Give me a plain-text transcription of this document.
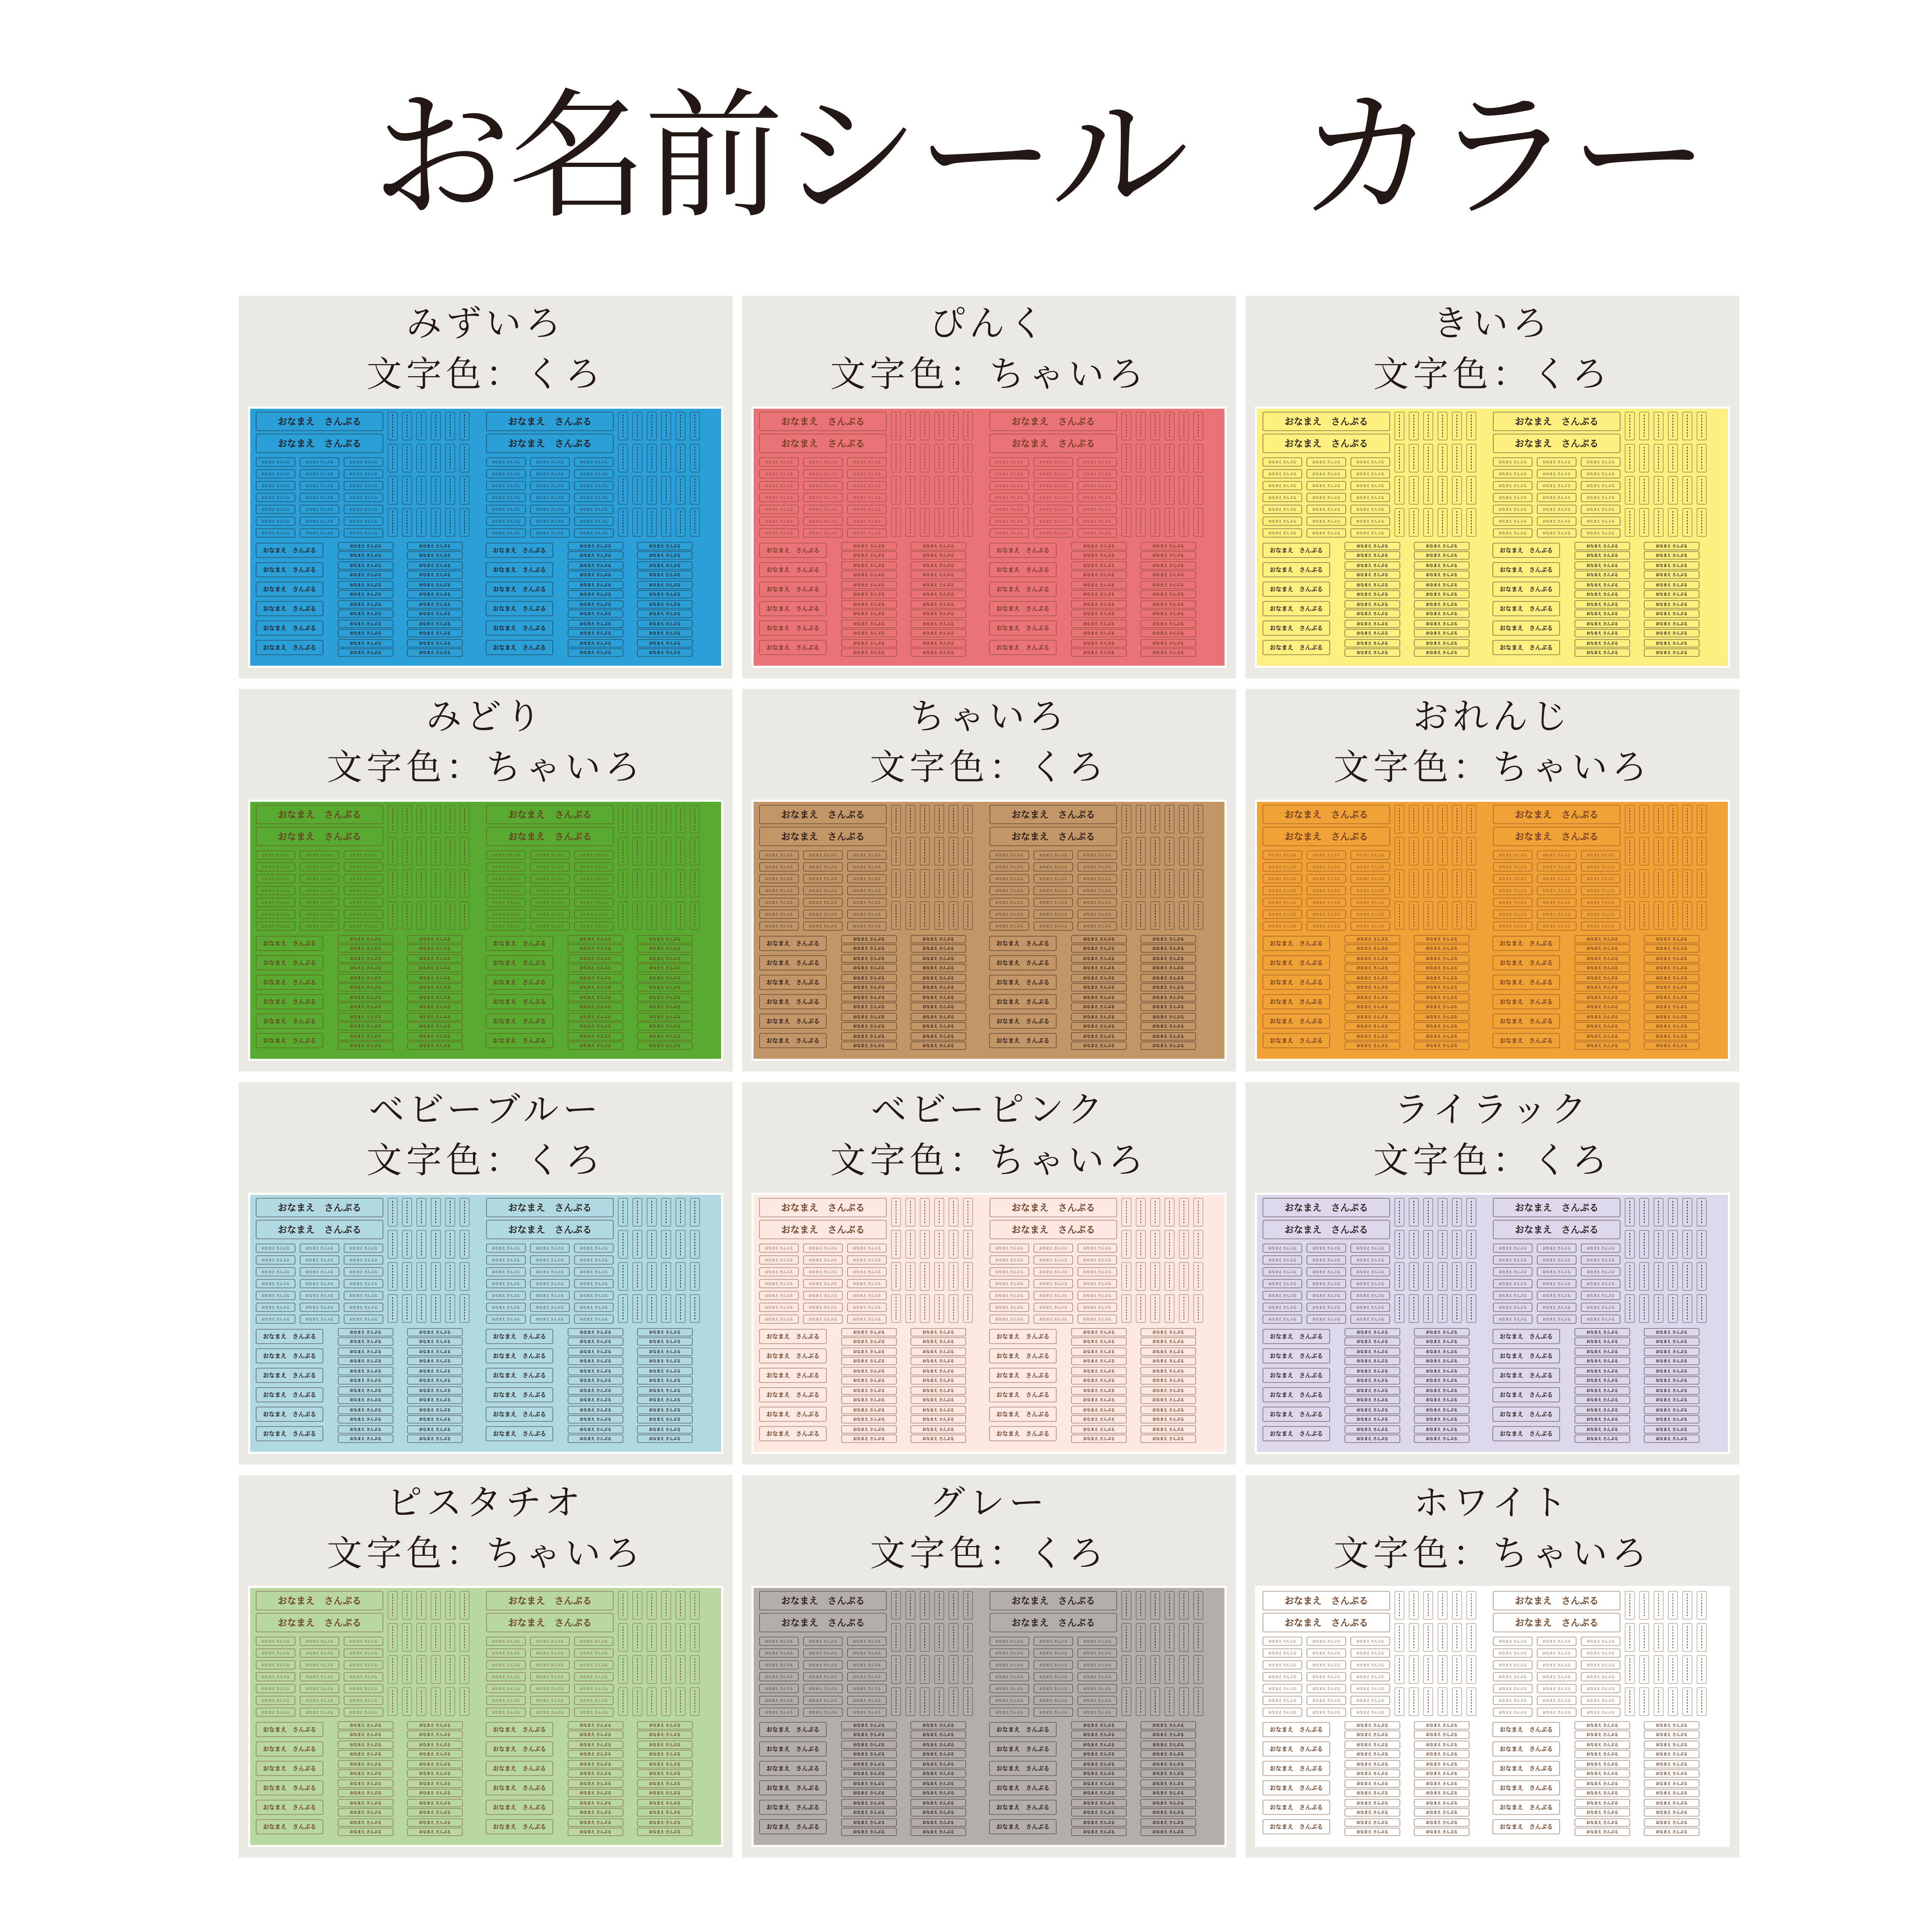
お名前シール カラー
みずいろ
文字色：くろ
おなまえ　さんぷる
おなまえ　さんぷる
おなまえ さんぷる	おなまえ さんぷる	おなまえ さんぷる
おなまえ さんぷる	おなまえ さんぷる	おなまえ さんぷる
おなまえ さんぷる	おなまえ さんぷる	おなまえ さんぷる
おなまえ さんぷる	おなまえ さんぷる	おなまえ さんぷる
おなまえ さんぷる	おなまえ さんぷる	おなまえ さんぷる
おなまえ さんぷる	おなまえ さんぷる	おなまえ さんぷる
おなまえ さんぷる	おなまえ さんぷる	おなまえ さんぷる
おなまえ　さんぷる
おなまえ　さんぷる
おなまえ さんぷる	おなまえ さんぷる	おなまえ さんぷる
おなまえ さんぷる	おなまえ さんぷる	おなまえ さんぷる
おなまえ さんぷる	おなまえ さんぷる	おなまえ さんぷる
おなまえ さんぷる	おなまえ さんぷる	おなまえ さんぷる
おなまえ さんぷる	おなまえ さんぷる	おなまえ さんぷる
おなまえ さんぷる	おなまえ さんぷる	おなまえ さんぷる
おなまえ さんぷる	おなまえ さんぷる	おなまえ さんぷる
おなまえ　さんぷる
おなまえ さんぷる
おなまえ さんぷる
おなまえ さんぷる
おなまえ さんぷる
おなまえ　さんぷる
おなまえ さんぷる
おなまえ さんぷる
おなまえ さんぷる
おなまえ さんぷる
おなまえ　さんぷる
おなまえ さんぷる
おなまえ さんぷる
おなまえ さんぷる
おなまえ さんぷる
おなまえ　さんぷる
おなまえ さんぷる
おなまえ さんぷる
おなまえ さんぷる
おなまえ さんぷる
おなまえ　さんぷる
おなまえ さんぷる
おなまえ さんぷる
おなまえ さんぷる
おなまえ さんぷる
おなまえ　さんぷる
おなまえ さんぷる
おなまえ さんぷる
おなまえ さんぷる
おなまえ さんぷる
おなまえ　さんぷる
おなまえ さんぷる
おなまえ さんぷる
おなまえ さんぷる
おなまえ さんぷる
おなまえ　さんぷる
おなまえ さんぷる
おなまえ さんぷる
おなまえ さんぷる
おなまえ さんぷる
おなまえ　さんぷる
おなまえ さんぷる
おなまえ さんぷる
おなまえ さんぷる
おなまえ さんぷる
おなまえ　さんぷる
おなまえ さんぷる
おなまえ さんぷる
おなまえ さんぷる
おなまえ さんぷる
おなまえ　さんぷる
おなまえ さんぷる
おなまえ さんぷる
おなまえ さんぷる
おなまえ さんぷる
おなまえ　さんぷる
おなまえ さんぷる
おなまえ さんぷる
おなまえ さんぷる
おなまえ さんぷる
ぴんく
文字色：ちゃいろ
おなまえ　さんぷる
おなまえ　さんぷる
おなまえ さんぷる	おなまえ さんぷる	おなまえ さんぷる
おなまえ さんぷる	おなまえ さんぷる	おなまえ さんぷる
おなまえ さんぷる	おなまえ さんぷる	おなまえ さんぷる
おなまえ さんぷる	おなまえ さんぷる	おなまえ さんぷる
おなまえ さんぷる	おなまえ さんぷる	おなまえ さんぷる
おなまえ さんぷる	おなまえ さんぷる	おなまえ さんぷる
おなまえ さんぷる	おなまえ さんぷる	おなまえ さんぷる
おなまえ　さんぷる
おなまえ　さんぷる
おなまえ さんぷる	おなまえ さんぷる	おなまえ さんぷる
おなまえ さんぷる	おなまえ さんぷる	おなまえ さんぷる
おなまえ さんぷる	おなまえ さんぷる	おなまえ さんぷる
おなまえ さんぷる	おなまえ さんぷる	おなまえ さんぷる
おなまえ さんぷる	おなまえ さんぷる	おなまえ さんぷる
おなまえ さんぷる	おなまえ さんぷる	おなまえ さんぷる
おなまえ さんぷる	おなまえ さんぷる	おなまえ さんぷる
おなまえ　さんぷる
おなまえ さんぷる
おなまえ さんぷる
おなまえ さんぷる
おなまえ さんぷる
おなまえ　さんぷる
おなまえ さんぷる
おなまえ さんぷる
おなまえ さんぷる
おなまえ さんぷる
おなまえ　さんぷる
おなまえ さんぷる
おなまえ さんぷる
おなまえ さんぷる
おなまえ さんぷる
おなまえ　さんぷる
おなまえ さんぷる
おなまえ さんぷる
おなまえ さんぷる
おなまえ さんぷる
おなまえ　さんぷる
おなまえ さんぷる
おなまえ さんぷる
おなまえ さんぷる
おなまえ さんぷる
おなまえ　さんぷる
おなまえ さんぷる
おなまえ さんぷる
おなまえ さんぷる
おなまえ さんぷる
おなまえ　さんぷる
おなまえ さんぷる
おなまえ さんぷる
おなまえ さんぷる
おなまえ さんぷる
おなまえ　さんぷる
おなまえ さんぷる
おなまえ さんぷる
おなまえ さんぷる
おなまえ さんぷる
おなまえ　さんぷる
おなまえ さんぷる
おなまえ さんぷる
おなまえ さんぷる
おなまえ さんぷる
おなまえ　さんぷる
おなまえ さんぷる
おなまえ さんぷる
おなまえ さんぷる
おなまえ さんぷる
おなまえ　さんぷる
おなまえ さんぷる
おなまえ さんぷる
おなまえ さんぷる
おなまえ さんぷる
おなまえ　さんぷる
おなまえ さんぷる
おなまえ さんぷる
おなまえ さんぷる
おなまえ さんぷる
きいろ
文字色：くろ
おなまえ　さんぷる
おなまえ　さんぷる
おなまえ さんぷる	おなまえ さんぷる	おなまえ さんぷる
おなまえ さんぷる	おなまえ さんぷる	おなまえ さんぷる
おなまえ さんぷる	おなまえ さんぷる	おなまえ さんぷる
おなまえ さんぷる	おなまえ さんぷる	おなまえ さんぷる
おなまえ さんぷる	おなまえ さんぷる	おなまえ さんぷる
おなまえ さんぷる	おなまえ さんぷる	おなまえ さんぷる
おなまえ さんぷる	おなまえ さんぷる	おなまえ さんぷる
おなまえ　さんぷる
おなまえ　さんぷる
おなまえ さんぷる	おなまえ さんぷる	おなまえ さんぷる
おなまえ さんぷる	おなまえ さんぷる	おなまえ さんぷる
おなまえ さんぷる	おなまえ さんぷる	おなまえ さんぷる
おなまえ さんぷる	おなまえ さんぷる	おなまえ さんぷる
おなまえ さんぷる	おなまえ さんぷる	おなまえ さんぷる
おなまえ さんぷる	おなまえ さんぷる	おなまえ さんぷる
おなまえ さんぷる	おなまえ さんぷる	おなまえ さんぷる
おなまえ　さんぷる
おなまえ さんぷる
おなまえ さんぷる
おなまえ さんぷる
おなまえ さんぷる
おなまえ　さんぷる
おなまえ さんぷる
おなまえ さんぷる
おなまえ さんぷる
おなまえ さんぷる
おなまえ　さんぷる
おなまえ さんぷる
おなまえ さんぷる
おなまえ さんぷる
おなまえ さんぷる
おなまえ　さんぷる
おなまえ さんぷる
おなまえ さんぷる
おなまえ さんぷる
おなまえ さんぷる
おなまえ　さんぷる
おなまえ さんぷる
おなまえ さんぷる
おなまえ さんぷる
おなまえ さんぷる
おなまえ　さんぷる
おなまえ さんぷる
おなまえ さんぷる
おなまえ さんぷる
おなまえ さんぷる
おなまえ　さんぷる
おなまえ さんぷる
おなまえ さんぷる
おなまえ さんぷる
おなまえ さんぷる
おなまえ　さんぷる
おなまえ さんぷる
おなまえ さんぷる
おなまえ さんぷる
おなまえ さんぷる
おなまえ　さんぷる
おなまえ さんぷる
おなまえ さんぷる
おなまえ さんぷる
おなまえ さんぷる
おなまえ　さんぷる
おなまえ さんぷる
おなまえ さんぷる
おなまえ さんぷる
おなまえ さんぷる
おなまえ　さんぷる
おなまえ さんぷる
おなまえ さんぷる
おなまえ さんぷる
おなまえ さんぷる
おなまえ　さんぷる
おなまえ さんぷる
おなまえ さんぷる
おなまえ さんぷる
おなまえ さんぷる
みどり
文字色：ちゃいろ
おなまえ　さんぷる
おなまえ　さんぷる
おなまえ さんぷる	おなまえ さんぷる	おなまえ さんぷる
おなまえ さんぷる	おなまえ さんぷる	おなまえ さんぷる
おなまえ さんぷる	おなまえ さんぷる	おなまえ さんぷる
おなまえ さんぷる	おなまえ さんぷる	おなまえ さんぷる
おなまえ さんぷる	おなまえ さんぷる	おなまえ さんぷる
おなまえ さんぷる	おなまえ さんぷる	おなまえ さんぷる
おなまえ さんぷる	おなまえ さんぷる	おなまえ さんぷる
おなまえ　さんぷる
おなまえ　さんぷる
おなまえ さんぷる	おなまえ さんぷる	おなまえ さんぷる
おなまえ さんぷる	おなまえ さんぷる	おなまえ さんぷる
おなまえ さんぷる	おなまえ さんぷる	おなまえ さんぷる
おなまえ さんぷる	おなまえ さんぷる	おなまえ さんぷる
おなまえ さんぷる	おなまえ さんぷる	おなまえ さんぷる
おなまえ さんぷる	おなまえ さんぷる	おなまえ さんぷる
おなまえ さんぷる	おなまえ さんぷる	おなまえ さんぷる
おなまえ　さんぷる
おなまえ さんぷる
おなまえ さんぷる
おなまえ さんぷる
おなまえ さんぷる
おなまえ　さんぷる
おなまえ さんぷる
おなまえ さんぷる
おなまえ さんぷる
おなまえ さんぷる
おなまえ　さんぷる
おなまえ さんぷる
おなまえ さんぷる
おなまえ さんぷる
おなまえ さんぷる
おなまえ　さんぷる
おなまえ さんぷる
おなまえ さんぷる
おなまえ さんぷる
おなまえ さんぷる
おなまえ　さんぷる
おなまえ さんぷる
おなまえ さんぷる
おなまえ さんぷる
おなまえ さんぷる
おなまえ　さんぷる
おなまえ さんぷる
おなまえ さんぷる
おなまえ さんぷる
おなまえ さんぷる
おなまえ　さんぷる
おなまえ さんぷる
おなまえ さんぷる
おなまえ さんぷる
おなまえ さんぷる
おなまえ　さんぷる
おなまえ さんぷる
おなまえ さんぷる
おなまえ さんぷる
おなまえ さんぷる
おなまえ　さんぷる
おなまえ さんぷる
おなまえ さんぷる
おなまえ さんぷる
おなまえ さんぷる
おなまえ　さんぷる
おなまえ さんぷる
おなまえ さんぷる
おなまえ さんぷる
おなまえ さんぷる
おなまえ　さんぷる
おなまえ さんぷる
おなまえ さんぷる
おなまえ さんぷる
おなまえ さんぷる
おなまえ　さんぷる
おなまえ さんぷる
おなまえ さんぷる
おなまえ さんぷる
おなまえ さんぷる
ちゃいろ
文字色：くろ
おなまえ　さんぷる
おなまえ　さんぷる
おなまえ さんぷる	おなまえ さんぷる	おなまえ さんぷる
おなまえ さんぷる	おなまえ さんぷる	おなまえ さんぷる
おなまえ さんぷる	おなまえ さんぷる	おなまえ さんぷる
おなまえ さんぷる	おなまえ さんぷる	おなまえ さんぷる
おなまえ さんぷる	おなまえ さんぷる	おなまえ さんぷる
おなまえ さんぷる	おなまえ さんぷる	おなまえ さんぷる
おなまえ さんぷる	おなまえ さんぷる	おなまえ さんぷる
おなまえ　さんぷる
おなまえ　さんぷる
おなまえ さんぷる	おなまえ さんぷる	おなまえ さんぷる
おなまえ さんぷる	おなまえ さんぷる	おなまえ さんぷる
おなまえ さんぷる	おなまえ さんぷる	おなまえ さんぷる
おなまえ さんぷる	おなまえ さんぷる	おなまえ さんぷる
おなまえ さんぷる	おなまえ さんぷる	おなまえ さんぷる
おなまえ さんぷる	おなまえ さんぷる	おなまえ さんぷる
おなまえ さんぷる	おなまえ さんぷる	おなまえ さんぷる
おなまえ　さんぷる
おなまえ さんぷる
おなまえ さんぷる
おなまえ さんぷる
おなまえ さんぷる
おなまえ　さんぷる
おなまえ さんぷる
おなまえ さんぷる
おなまえ さんぷる
おなまえ さんぷる
おなまえ　さんぷる
おなまえ さんぷる
おなまえ さんぷる
おなまえ さんぷる
おなまえ さんぷる
おなまえ　さんぷる
おなまえ さんぷる
おなまえ さんぷる
おなまえ さんぷる
おなまえ さんぷる
おなまえ　さんぷる
おなまえ さんぷる
おなまえ さんぷる
おなまえ さんぷる
おなまえ さんぷる
おなまえ　さんぷる
おなまえ さんぷる
おなまえ さんぷる
おなまえ さんぷる
おなまえ さんぷる
おなまえ　さんぷる
おなまえ さんぷる
おなまえ さんぷる
おなまえ さんぷる
おなまえ さんぷる
おなまえ　さんぷる
おなまえ さんぷる
おなまえ さんぷる
おなまえ さんぷる
おなまえ さんぷる
おなまえ　さんぷる
おなまえ さんぷる
おなまえ さんぷる
おなまえ さんぷる
おなまえ さんぷる
おなまえ　さんぷる
おなまえ さんぷる
おなまえ さんぷる
おなまえ さんぷる
おなまえ さんぷる
おなまえ　さんぷる
おなまえ さんぷる
おなまえ さんぷる
おなまえ さんぷる
おなまえ さんぷる
おなまえ　さんぷる
おなまえ さんぷる
おなまえ さんぷる
おなまえ さんぷる
おなまえ さんぷる
おれんじ
文字色：ちゃいろ
おなまえ　さんぷる
おなまえ　さんぷる
おなまえ さんぷる	おなまえ さんぷる	おなまえ さんぷる
おなまえ さんぷる	おなまえ さんぷる	おなまえ さんぷる
おなまえ さんぷる	おなまえ さんぷる	おなまえ さんぷる
おなまえ さんぷる	おなまえ さんぷる	おなまえ さんぷる
おなまえ さんぷる	おなまえ さんぷる	おなまえ さんぷる
おなまえ さんぷる	おなまえ さんぷる	おなまえ さんぷる
おなまえ さんぷる	おなまえ さんぷる	おなまえ さんぷる
おなまえ　さんぷる
おなまえ　さんぷる
おなまえ さんぷる	おなまえ さんぷる	おなまえ さんぷる
おなまえ さんぷる	おなまえ さんぷる	おなまえ さんぷる
おなまえ さんぷる	おなまえ さんぷる	おなまえ さんぷる
おなまえ さんぷる	おなまえ さんぷる	おなまえ さんぷる
おなまえ さんぷる	おなまえ さんぷる	おなまえ さんぷる
おなまえ さんぷる	おなまえ さんぷる	おなまえ さんぷる
おなまえ さんぷる	おなまえ さんぷる	おなまえ さんぷる
おなまえ　さんぷる
おなまえ さんぷる
おなまえ さんぷる
おなまえ さんぷる
おなまえ さんぷる
おなまえ　さんぷる
おなまえ さんぷる
おなまえ さんぷる
おなまえ さんぷる
おなまえ さんぷる
おなまえ　さんぷる
おなまえ さんぷる
おなまえ さんぷる
おなまえ さんぷる
おなまえ さんぷる
おなまえ　さんぷる
おなまえ さんぷる
おなまえ さんぷる
おなまえ さんぷる
おなまえ さんぷる
おなまえ　さんぷる
おなまえ さんぷる
おなまえ さんぷる
おなまえ さんぷる
おなまえ さんぷる
おなまえ　さんぷる
おなまえ さんぷる
おなまえ さんぷる
おなまえ さんぷる
おなまえ さんぷる
おなまえ　さんぷる
おなまえ さんぷる
おなまえ さんぷる
おなまえ さんぷる
おなまえ さんぷる
おなまえ　さんぷる
おなまえ さんぷる
おなまえ さんぷる
おなまえ さんぷる
おなまえ さんぷる
おなまえ　さんぷる
おなまえ さんぷる
おなまえ さんぷる
おなまえ さんぷる
おなまえ さんぷる
おなまえ　さんぷる
おなまえ さんぷる
おなまえ さんぷる
おなまえ さんぷる
おなまえ さんぷる
おなまえ　さんぷる
おなまえ さんぷる
おなまえ さんぷる
おなまえ さんぷる
おなまえ さんぷる
おなまえ　さんぷる
おなまえ さんぷる
おなまえ さんぷる
おなまえ さんぷる
おなまえ さんぷる
ベビーブルー
文字色：くろ
おなまえ　さんぷる
おなまえ　さんぷる
おなまえ さんぷる	おなまえ さんぷる	おなまえ さんぷる
おなまえ さんぷる	おなまえ さんぷる	おなまえ さんぷる
おなまえ さんぷる	おなまえ さんぷる	おなまえ さんぷる
おなまえ さんぷる	おなまえ さんぷる	おなまえ さんぷる
おなまえ さんぷる	おなまえ さんぷる	おなまえ さんぷる
おなまえ さんぷる	おなまえ さんぷる	おなまえ さんぷる
おなまえ さんぷる	おなまえ さんぷる	おなまえ さんぷる
おなまえ　さんぷる
おなまえ　さんぷる
おなまえ さんぷる	おなまえ さんぷる	おなまえ さんぷる
おなまえ さんぷる	おなまえ さんぷる	おなまえ さんぷる
おなまえ さんぷる	おなまえ さんぷる	おなまえ さんぷる
おなまえ さんぷる	おなまえ さんぷる	おなまえ さんぷる
おなまえ さんぷる	おなまえ さんぷる	おなまえ さんぷる
おなまえ さんぷる	おなまえ さんぷる	おなまえ さんぷる
おなまえ さんぷる	おなまえ さんぷる	おなまえ さんぷる
おなまえ　さんぷる
おなまえ さんぷる
おなまえ さんぷる
おなまえ さんぷる
おなまえ さんぷる
おなまえ　さんぷる
おなまえ さんぷる
おなまえ さんぷる
おなまえ さんぷる
おなまえ さんぷる
おなまえ　さんぷる
おなまえ さんぷる
おなまえ さんぷる
おなまえ さんぷる
おなまえ さんぷる
おなまえ　さんぷる
おなまえ さんぷる
おなまえ さんぷる
おなまえ さんぷる
おなまえ さんぷる
おなまえ　さんぷる
おなまえ さんぷる
おなまえ さんぷる
おなまえ さんぷる
おなまえ さんぷる
おなまえ　さんぷる
おなまえ さんぷる
おなまえ さんぷる
おなまえ さんぷる
おなまえ さんぷる
おなまえ　さんぷる
おなまえ さんぷる
おなまえ さんぷる
おなまえ さんぷる
おなまえ さんぷる
おなまえ　さんぷる
おなまえ さんぷる
おなまえ さんぷる
おなまえ さんぷる
おなまえ さんぷる
おなまえ　さんぷる
おなまえ さんぷる
おなまえ さんぷる
おなまえ さんぷる
おなまえ さんぷる
おなまえ　さんぷる
おなまえ さんぷる
おなまえ さんぷる
おなまえ さんぷる
おなまえ さんぷる
おなまえ　さんぷる
おなまえ さんぷる
おなまえ さんぷる
おなまえ さんぷる
おなまえ さんぷる
おなまえ　さんぷる
おなまえ さんぷる
おなまえ さんぷる
おなまえ さんぷる
おなまえ さんぷる
ベビーピンク
文字色：ちゃいろ
おなまえ　さんぷる
おなまえ　さんぷる
おなまえ さんぷる	おなまえ さんぷる	おなまえ さんぷる
おなまえ さんぷる	おなまえ さんぷる	おなまえ さんぷる
おなまえ さんぷる	おなまえ さんぷる	おなまえ さんぷる
おなまえ さんぷる	おなまえ さんぷる	おなまえ さんぷる
おなまえ さんぷる	おなまえ さんぷる	おなまえ さんぷる
おなまえ さんぷる	おなまえ さんぷる	おなまえ さんぷる
おなまえ さんぷる	おなまえ さんぷる	おなまえ さんぷる
おなまえ　さんぷる
おなまえ　さんぷる
おなまえ さんぷる	おなまえ さんぷる	おなまえ さんぷる
おなまえ さんぷる	おなまえ さんぷる	おなまえ さんぷる
おなまえ さんぷる	おなまえ さんぷる	おなまえ さんぷる
おなまえ さんぷる	おなまえ さんぷる	おなまえ さんぷる
おなまえ さんぷる	おなまえ さんぷる	おなまえ さんぷる
おなまえ さんぷる	おなまえ さんぷる	おなまえ さんぷる
おなまえ さんぷる	おなまえ さんぷる	おなまえ さんぷる
おなまえ　さんぷる
おなまえ さんぷる
おなまえ さんぷる
おなまえ さんぷる
おなまえ さんぷる
おなまえ　さんぷる
おなまえ さんぷる
おなまえ さんぷる
おなまえ さんぷる
おなまえ さんぷる
おなまえ　さんぷる
おなまえ さんぷる
おなまえ さんぷる
おなまえ さんぷる
おなまえ さんぷる
おなまえ　さんぷる
おなまえ さんぷる
おなまえ さんぷる
おなまえ さんぷる
おなまえ さんぷる
おなまえ　さんぷる
おなまえ さんぷる
おなまえ さんぷる
おなまえ さんぷる
おなまえ さんぷる
おなまえ　さんぷる
おなまえ さんぷる
おなまえ さんぷる
おなまえ さんぷる
おなまえ さんぷる
おなまえ　さんぷる
おなまえ さんぷる
おなまえ さんぷる
おなまえ さんぷる
おなまえ さんぷる
おなまえ　さんぷる
おなまえ さんぷる
おなまえ さんぷる
おなまえ さんぷる
おなまえ さんぷる
おなまえ　さんぷる
おなまえ さんぷる
おなまえ さんぷる
おなまえ さんぷる
おなまえ さんぷる
おなまえ　さんぷる
おなまえ さんぷる
おなまえ さんぷる
おなまえ さんぷる
おなまえ さんぷる
おなまえ　さんぷる
おなまえ さんぷる
おなまえ さんぷる
おなまえ さんぷる
おなまえ さんぷる
おなまえ　さんぷる
おなまえ さんぷる
おなまえ さんぷる
おなまえ さんぷる
おなまえ さんぷる
ライラック
文字色：くろ
おなまえ　さんぷる
おなまえ　さんぷる
おなまえ さんぷる	おなまえ さんぷる	おなまえ さんぷる
おなまえ さんぷる	おなまえ さんぷる	おなまえ さんぷる
おなまえ さんぷる	おなまえ さんぷる	おなまえ さんぷる
おなまえ さんぷる	おなまえ さんぷる	おなまえ さんぷる
おなまえ さんぷる	おなまえ さんぷる	おなまえ さんぷる
おなまえ さんぷる	おなまえ さんぷる	おなまえ さんぷる
おなまえ さんぷる	おなまえ さんぷる	おなまえ さんぷる
おなまえ　さんぷる
おなまえ　さんぷる
おなまえ さんぷる	おなまえ さんぷる	おなまえ さんぷる
おなまえ さんぷる	おなまえ さんぷる	おなまえ さんぷる
おなまえ さんぷる	おなまえ さんぷる	おなまえ さんぷる
おなまえ さんぷる	おなまえ さんぷる	おなまえ さんぷる
おなまえ さんぷる	おなまえ さんぷる	おなまえ さんぷる
おなまえ さんぷる	おなまえ さんぷる	おなまえ さんぷる
おなまえ さんぷる	おなまえ さんぷる	おなまえ さんぷる
おなまえ　さんぷる
おなまえ さんぷる
おなまえ さんぷる
おなまえ さんぷる
おなまえ さんぷる
おなまえ　さんぷる
おなまえ さんぷる
おなまえ さんぷる
おなまえ さんぷる
おなまえ さんぷる
おなまえ　さんぷる
おなまえ さんぷる
おなまえ さんぷる
おなまえ さんぷる
おなまえ さんぷる
おなまえ　さんぷる
おなまえ さんぷる
おなまえ さんぷる
おなまえ さんぷる
おなまえ さんぷる
おなまえ　さんぷる
おなまえ さんぷる
おなまえ さんぷる
おなまえ さんぷる
おなまえ さんぷる
おなまえ　さんぷる
おなまえ さんぷる
おなまえ さんぷる
おなまえ さんぷる
おなまえ さんぷる
おなまえ　さんぷる
おなまえ さんぷる
おなまえ さんぷる
おなまえ さんぷる
おなまえ さんぷる
おなまえ　さんぷる
おなまえ さんぷる
おなまえ さんぷる
おなまえ さんぷる
おなまえ さんぷる
おなまえ　さんぷる
おなまえ さんぷる
おなまえ さんぷる
おなまえ さんぷる
おなまえ さんぷる
おなまえ　さんぷる
おなまえ さんぷる
おなまえ さんぷる
おなまえ さんぷる
おなまえ さんぷる
おなまえ　さんぷる
おなまえ さんぷる
おなまえ さんぷる
おなまえ さんぷる
おなまえ さんぷる
おなまえ　さんぷる
おなまえ さんぷる
おなまえ さんぷる
おなまえ さんぷる
おなまえ さんぷる
ピスタチオ
文字色：ちゃいろ
おなまえ　さんぷる
おなまえ　さんぷる
おなまえ さんぷる	おなまえ さんぷる	おなまえ さんぷる
おなまえ さんぷる	おなまえ さんぷる	おなまえ さんぷる
おなまえ さんぷる	おなまえ さんぷる	おなまえ さんぷる
おなまえ さんぷる	おなまえ さんぷる	おなまえ さんぷる
おなまえ さんぷる	おなまえ さんぷる	おなまえ さんぷる
おなまえ さんぷる	おなまえ さんぷる	おなまえ さんぷる
おなまえ さんぷる	おなまえ さんぷる	おなまえ さんぷる
おなまえ　さんぷる
おなまえ　さんぷる
おなまえ さんぷる	おなまえ さんぷる	おなまえ さんぷる
おなまえ さんぷる	おなまえ さんぷる	おなまえ さんぷる
おなまえ さんぷる	おなまえ さんぷる	おなまえ さんぷる
おなまえ さんぷる	おなまえ さんぷる	おなまえ さんぷる
おなまえ さんぷる	おなまえ さんぷる	おなまえ さんぷる
おなまえ さんぷる	おなまえ さんぷる	おなまえ さんぷる
おなまえ さんぷる	おなまえ さんぷる	おなまえ さんぷる
おなまえ　さんぷる
おなまえ さんぷる
おなまえ さんぷる
おなまえ さんぷる
おなまえ さんぷる
おなまえ　さんぷる
おなまえ さんぷる
おなまえ さんぷる
おなまえ さんぷる
おなまえ さんぷる
おなまえ　さんぷる
おなまえ さんぷる
おなまえ さんぷる
おなまえ さんぷる
おなまえ さんぷる
おなまえ　さんぷる
おなまえ さんぷる
おなまえ さんぷる
おなまえ さんぷる
おなまえ さんぷる
おなまえ　さんぷる
おなまえ さんぷる
おなまえ さんぷる
おなまえ さんぷる
おなまえ さんぷる
おなまえ　さんぷる
おなまえ さんぷる
おなまえ さんぷる
おなまえ さんぷる
おなまえ さんぷる
おなまえ　さんぷる
おなまえ さんぷる
おなまえ さんぷる
おなまえ さんぷる
おなまえ さんぷる
おなまえ　さんぷる
おなまえ さんぷる
おなまえ さんぷる
おなまえ さんぷる
おなまえ さんぷる
おなまえ　さんぷる
おなまえ さんぷる
おなまえ さんぷる
おなまえ さんぷる
おなまえ さんぷる
おなまえ　さんぷる
おなまえ さんぷる
おなまえ さんぷる
おなまえ さんぷる
おなまえ さんぷる
おなまえ　さんぷる
おなまえ さんぷる
おなまえ さんぷる
おなまえ さんぷる
おなまえ さんぷる
おなまえ　さんぷる
おなまえ さんぷる
おなまえ さんぷる
おなまえ さんぷる
おなまえ さんぷる
グレー
文字色：くろ
おなまえ　さんぷる
おなまえ　さんぷる
おなまえ さんぷる	おなまえ さんぷる	おなまえ さんぷる
おなまえ さんぷる	おなまえ さんぷる	おなまえ さんぷる
おなまえ さんぷる	おなまえ さんぷる	おなまえ さんぷる
おなまえ さんぷる	おなまえ さんぷる	おなまえ さんぷる
おなまえ さんぷる	おなまえ さんぷる	おなまえ さんぷる
おなまえ さんぷる	おなまえ さんぷる	おなまえ さんぷる
おなまえ さんぷる	おなまえ さんぷる	おなまえ さんぷる
おなまえ　さんぷる
おなまえ　さんぷる
おなまえ さんぷる	おなまえ さんぷる	おなまえ さんぷる
おなまえ さんぷる	おなまえ さんぷる	おなまえ さんぷる
おなまえ さんぷる	おなまえ さんぷる	おなまえ さんぷる
おなまえ さんぷる	おなまえ さんぷる	おなまえ さんぷる
おなまえ さんぷる	おなまえ さんぷる	おなまえ さんぷる
おなまえ さんぷる	おなまえ さんぷる	おなまえ さんぷる
おなまえ さんぷる	おなまえ さんぷる	おなまえ さんぷる
おなまえ　さんぷる
おなまえ さんぷる
おなまえ さんぷる
おなまえ さんぷる
おなまえ さんぷる
おなまえ　さんぷる
おなまえ さんぷる
おなまえ さんぷる
おなまえ さんぷる
おなまえ さんぷる
おなまえ　さんぷる
おなまえ さんぷる
おなまえ さんぷる
おなまえ さんぷる
おなまえ さんぷる
おなまえ　さんぷる
おなまえ さんぷる
おなまえ さんぷる
おなまえ さんぷる
おなまえ さんぷる
おなまえ　さんぷる
おなまえ さんぷる
おなまえ さんぷる
おなまえ さんぷる
おなまえ さんぷる
おなまえ　さんぷる
おなまえ さんぷる
おなまえ さんぷる
おなまえ さんぷる
おなまえ さんぷる
おなまえ　さんぷる
おなまえ さんぷる
おなまえ さんぷる
おなまえ さんぷる
おなまえ さんぷる
おなまえ　さんぷる
おなまえ さんぷる
おなまえ さんぷる
おなまえ さんぷる
おなまえ さんぷる
おなまえ　さんぷる
おなまえ さんぷる
おなまえ さんぷる
おなまえ さんぷる
おなまえ さんぷる
おなまえ　さんぷる
おなまえ さんぷる
おなまえ さんぷる
おなまえ さんぷる
おなまえ さんぷる
おなまえ　さんぷる
おなまえ さんぷる
おなまえ さんぷる
おなまえ さんぷる
おなまえ さんぷる
おなまえ　さんぷる
おなまえ さんぷる
おなまえ さんぷる
おなまえ さんぷる
おなまえ さんぷる
ホワイト
文字色：ちゃいろ
おなまえ　さんぷる
おなまえ　さんぷる
おなまえ さんぷる	おなまえ さんぷる	おなまえ さんぷる
おなまえ さんぷる	おなまえ さんぷる	おなまえ さんぷる
おなまえ さんぷる	おなまえ さんぷる	おなまえ さんぷる
おなまえ さんぷる	おなまえ さんぷる	おなまえ さんぷる
おなまえ さんぷる	おなまえ さんぷる	おなまえ さんぷる
おなまえ さんぷる	おなまえ さんぷる	おなまえ さんぷる
おなまえ さんぷる	おなまえ さんぷる	おなまえ さんぷる
おなまえ　さんぷる
おなまえ　さんぷる
おなまえ さんぷる	おなまえ さんぷる	おなまえ さんぷる
おなまえ さんぷる	おなまえ さんぷる	おなまえ さんぷる
おなまえ さんぷる	おなまえ さんぷる	おなまえ さんぷる
おなまえ さんぷる	おなまえ さんぷる	おなまえ さんぷる
おなまえ さんぷる	おなまえ さんぷる	おなまえ さんぷる
おなまえ さんぷる	おなまえ さんぷる	おなまえ さんぷる
おなまえ さんぷる	おなまえ さんぷる	おなまえ さんぷる
おなまえ　さんぷる
おなまえ さんぷる
おなまえ さんぷる
おなまえ さんぷる
おなまえ さんぷる
おなまえ　さんぷる
おなまえ さんぷる
おなまえ さんぷる
おなまえ さんぷる
おなまえ さんぷる
おなまえ　さんぷる
おなまえ さんぷる
おなまえ さんぷる
おなまえ さんぷる
おなまえ さんぷる
おなまえ　さんぷる
おなまえ さんぷる
おなまえ さんぷる
おなまえ さんぷる
おなまえ さんぷる
おなまえ　さんぷる
おなまえ さんぷる
おなまえ さんぷる
おなまえ さんぷる
おなまえ さんぷる
おなまえ　さんぷる
おなまえ さんぷる
おなまえ さんぷる
おなまえ さんぷる
おなまえ さんぷる
おなまえ　さんぷる
おなまえ さんぷる
おなまえ さんぷる
おなまえ さんぷる
おなまえ さんぷる
おなまえ　さんぷる
おなまえ さんぷる
おなまえ さんぷる
おなまえ さんぷる
おなまえ さんぷる
おなまえ　さんぷる
おなまえ さんぷる
おなまえ さんぷる
おなまえ さんぷる
おなまえ さんぷる
おなまえ　さんぷる
おなまえ さんぷる
おなまえ さんぷる
おなまえ さんぷる
おなまえ さんぷる
おなまえ　さんぷる
おなまえ さんぷる
おなまえ さんぷる
おなまえ さんぷる
おなまえ さんぷる
おなまえ　さんぷる
おなまえ さんぷる
おなまえ さんぷる
おなまえ さんぷる
おなまえ さんぷる
